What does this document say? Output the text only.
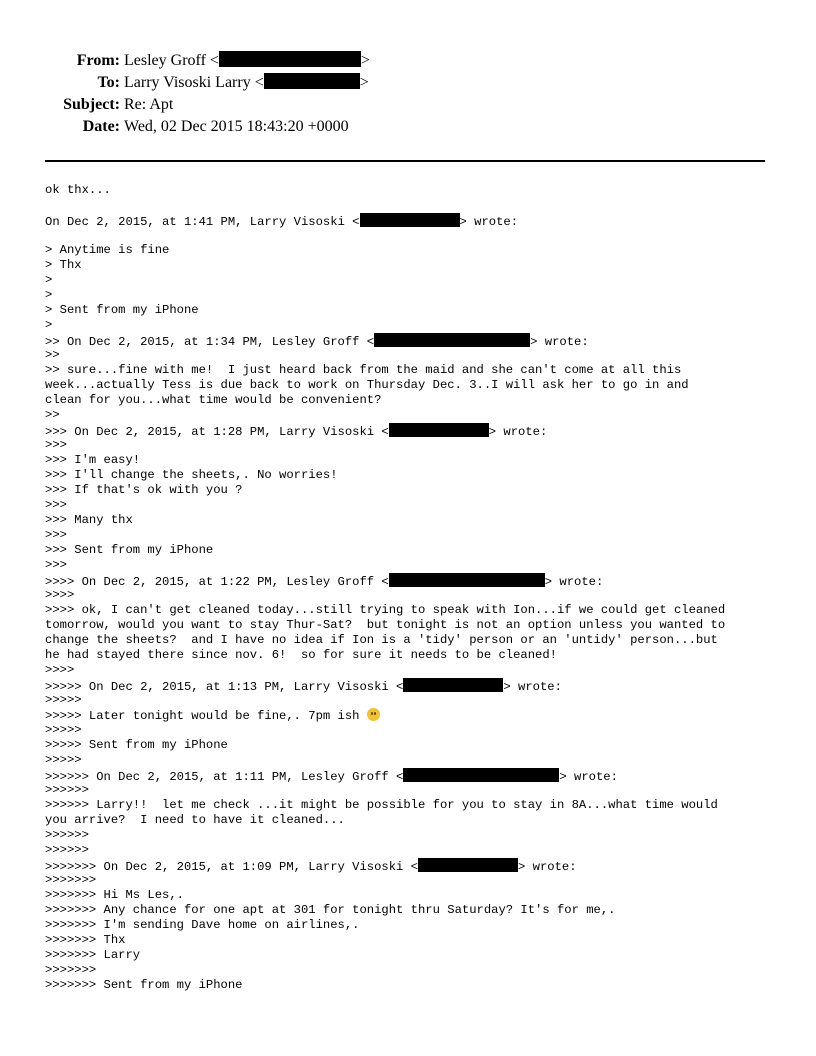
From: Lesley Groff <	>
To: Larry Visoski Larry <	>
Subject: Re: Apt
Date: Wed, 02 Dec 2015 18:43:20 +0000
ok thx...
On Dec 2, 2015, at 1:41 PM, Larry Visoski <	> wrote:
> Anytime is fine
> Thx
>
>
> Sent from my iPhone
>
>> On Dec 2, 2015, at 1:34 PM, Lesley Groff <	> wrote:
>>
>> sure...fine with me!  I just heard back from the maid and she can't come at all this
week...actually Tess is due back to work on Thursday Dec. 3..I will ask her to go in and
clean for you...what time would be convenient?
>>
>>> On Dec 2, 2015, at 1:28 PM, Larry Visoski <	> wrote:
>>>
>>> I'm easy!
>>> I'll change the sheets,. No worries!
>>> If that's ok with you ?
>>>
>>> Many thx
>>>
>>> Sent from my iPhone
>>>
>>>> On Dec 2, 2015, at 1:22 PM, Lesley Groff <	> wrote:
>>>>
>>>> ok, I can't get cleaned today...still trying to speak with Ion...if we could get cleaned
tomorrow, would you want to stay Thur-Sat?  but tonight is not an option unless you wanted to
change the sheets?  and I have no idea if Ion is a 'tidy' person or an 'untidy' person...but
he had stayed there since nov. 6!  so for sure it needs to be cleaned!
>>>>
>>>>> On Dec 2, 2015, at 1:13 PM, Larry Visoski <	> wrote:
>>>>>
>>>>> Later tonight would be fine,. 7pm ish
>>>>>
>>>>> Sent from my iPhone
>>>>>
>>>>>> On Dec 2, 2015, at 1:11 PM, Lesley Groff <	> wrote:
>>>>>>
>>>>>> Larry!!  let me check ...it might be possible for you to stay in 8A...what time would
you arrive?  I need to have it cleaned...
>>>>>>
>>>>>>
>>>>>>> On Dec 2, 2015, at 1:09 PM, Larry Visoski <	> wrote:
>>>>>>>
>>>>>>> Hi Ms Les,.
>>>>>>> Any chance for one apt at 301 for tonight thru Saturday? It's for me,.
>>>>>>> I'm sending Dave home on airlines,.
>>>>>>> Thx
>>>>>>> Larry
>>>>>>>
>>>>>>> Sent from my iPhone
